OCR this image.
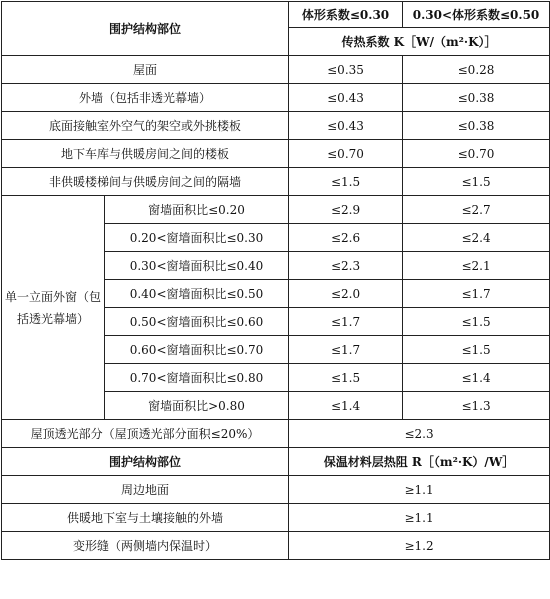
围护结构部位		体形系数≤0.30	0.30<体形系数≤0.50
		传热系数 K［W/（m²·K）］	
屋面		≤0.35	≤0.28
外墙（包括非透光幕墙）		≤0.43	≤0.38
底面接触室外空气的架空或外挑楼板		≤0.43	≤0.38
地下车库与供暖房间之间的楼板		≤0.70	≤0.70
非供暖楼梯间与供暖房间之间的隔墙		≤1.5	≤1.5
单一立面外窗（包括透光幕墙）	窗墙面积比≤0.20	≤2.9	≤2.7
	0.20<窗墙面积比≤0.30	≤2.6	≤2.4
	0.30<窗墙面积比≤0.40	≤2.3	≤2.1
	0.40<窗墙面积比≤0.50	≤2.0	≤1.7
	0.50<窗墙面积比≤0.60	≤1.7	≤1.5
	0.60<窗墙面积比≤0.70	≤1.7	≤1.5
	0.70<窗墙面积比≤0.80	≤1.5	≤1.4
	窗墙面积比>0.80	≤1.4	≤1.3
屋顶透光部分（屋顶透光部分面积≤20%）		≤2.3	
围护结构部位		保温材料层热阻 R［（m²·K）/W］	
周边地面		≥1.1	
供暖地下室与土壤接触的外墙		≥1.1	
变形缝（两侧墙内保温时）		≥1.2	
